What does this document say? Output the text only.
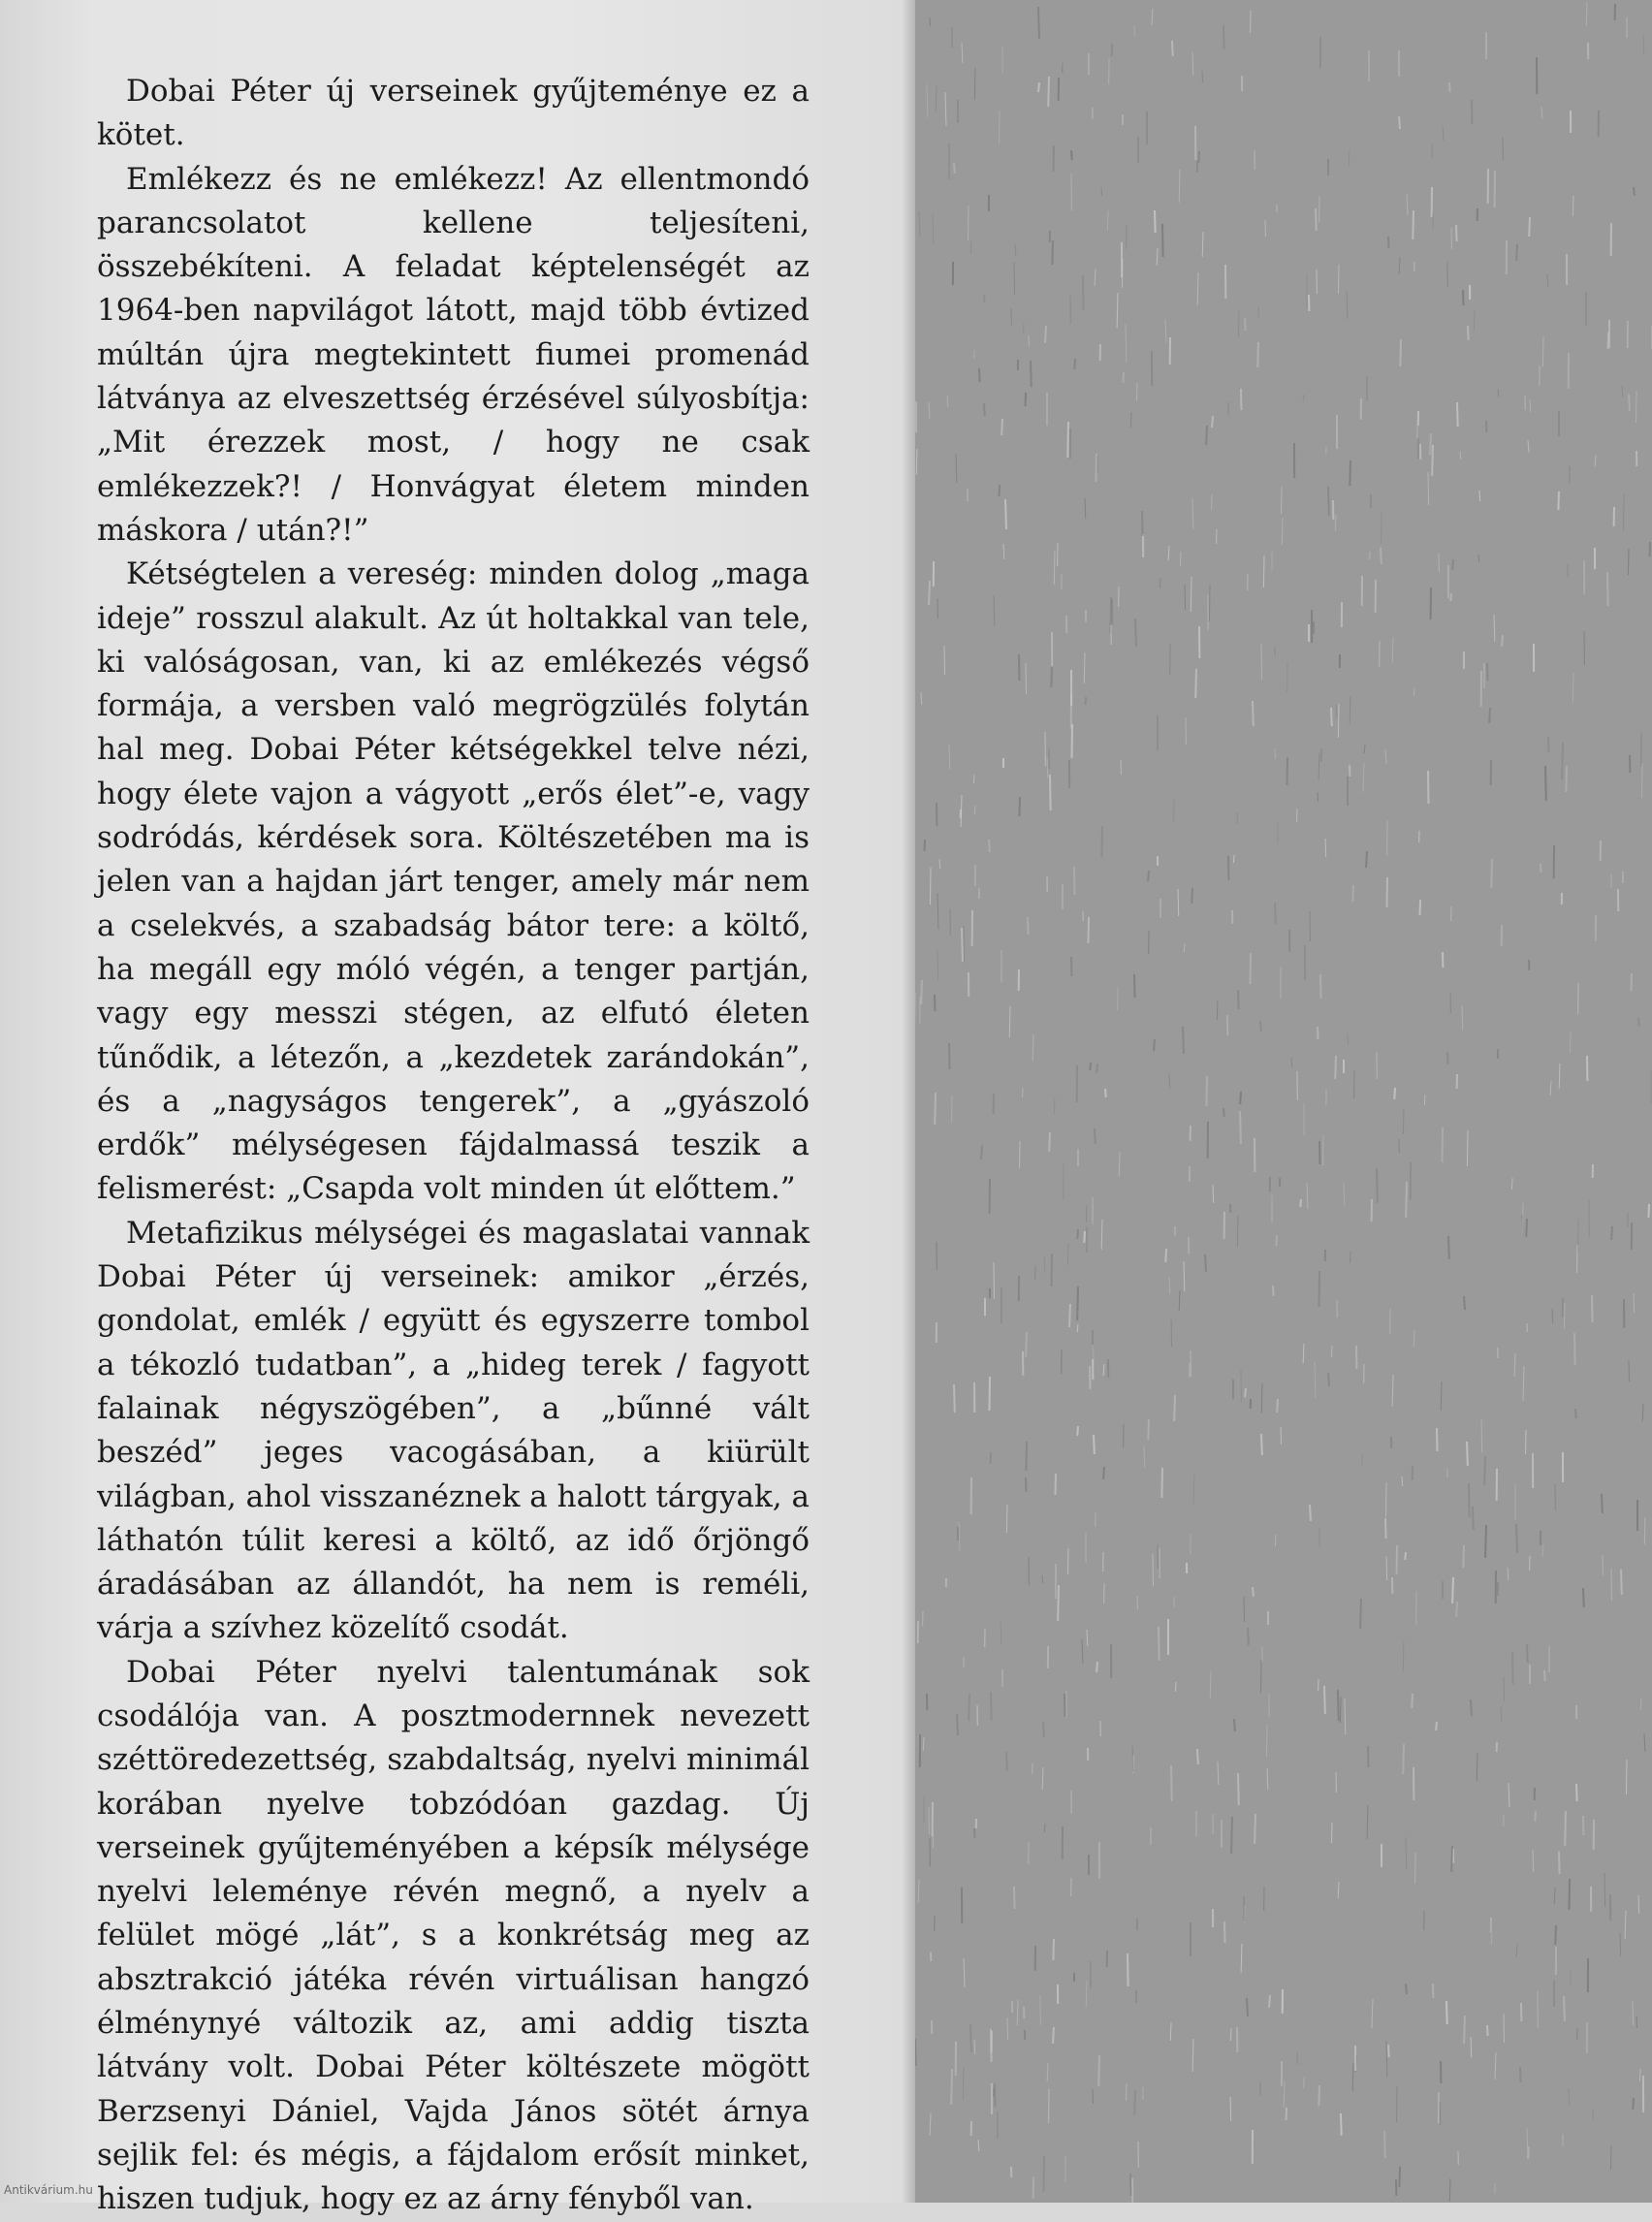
Dobai Péter új verseinek gyűjteménye ez a kötet.

Emlékezz és ne emlékezz! Az ellentmondó parancsolatot kellene teljesíteni, összebékíteni. A feladat képtelenségét az 1964-ben napvilágot látott, majd több évtized múltán újra megtekintett fiumei promenád látványa az elveszettség érzésével súlyosbítja: „Mit érezzek most, / hogy ne csak emlékezzek?! / Honvágyat életem minden máskora / után?!”

Kétségtelen a vereség: minden dolog „maga ideje” rosszul alakult. Az út holtakkal van tele, ki valóságosan, van, ki az emlékezés végső formája, a versben való megrögzülés folytán hal meg. Dobai Péter kétségekkel telve nézi, hogy élete vajon a vágyott „erős élet”-e, vagy sodródás, kérdések sora. Költészetében ma is jelen van a hajdan járt tenger, amely már nem a cselekvés, a szabadság bátor tere: a költő, ha megáll egy móló végén, a tenger partján, vagy egy messzi stégen, az elfutó életen tűnődik, a létezőn, a „kezdetek zarándokán”, és a „nagyságos tengerek”, a „gyászoló erdők” mélységesen fájdalmassá teszik a felismerést: „Csapda volt minden út előttem.”

Metafizikus mélységei és magaslatai vannak Dobai Péter új verseinek: amikor „érzés, gondolat, emlék / együtt és egyszerre tombol a tékozló tudatban”, a „hideg terek / fagyott falainak négyszögében”, a „bűnné vált beszéd” jeges vacogásában, a kiürült világban, ahol visszanéznek a halott tárgyak, a láthatón túlit keresi a költő, az idő őrjöngő áradásában az állandót, ha nem is reméli, várja a szívhez közelítő csodát.

Dobai Péter nyelvi talentumának sok csodálója van. A posztmodernnek nevezett széttöredezettség, szabdaltság, nyelvi minimál korában nyelve tobzódóan gazdag. Új verseinek gyűjteményében a képsík mélysége nyelvi leleménye révén megnő, a nyelv a felület mögé „lát”, s a konkrétság meg az absztrakció játéka révén virtuálisan hangzó élménynyé változik az, ami addig tiszta látvány volt. Dobai Péter költészete mögött Berzsenyi Dániel, Vajda János sötét árnya sejlik fel: és mégis, a fájdalom erősít minket, hiszen tudjuk, hogy ez az árny fényből van.

Antikvárium.hu
